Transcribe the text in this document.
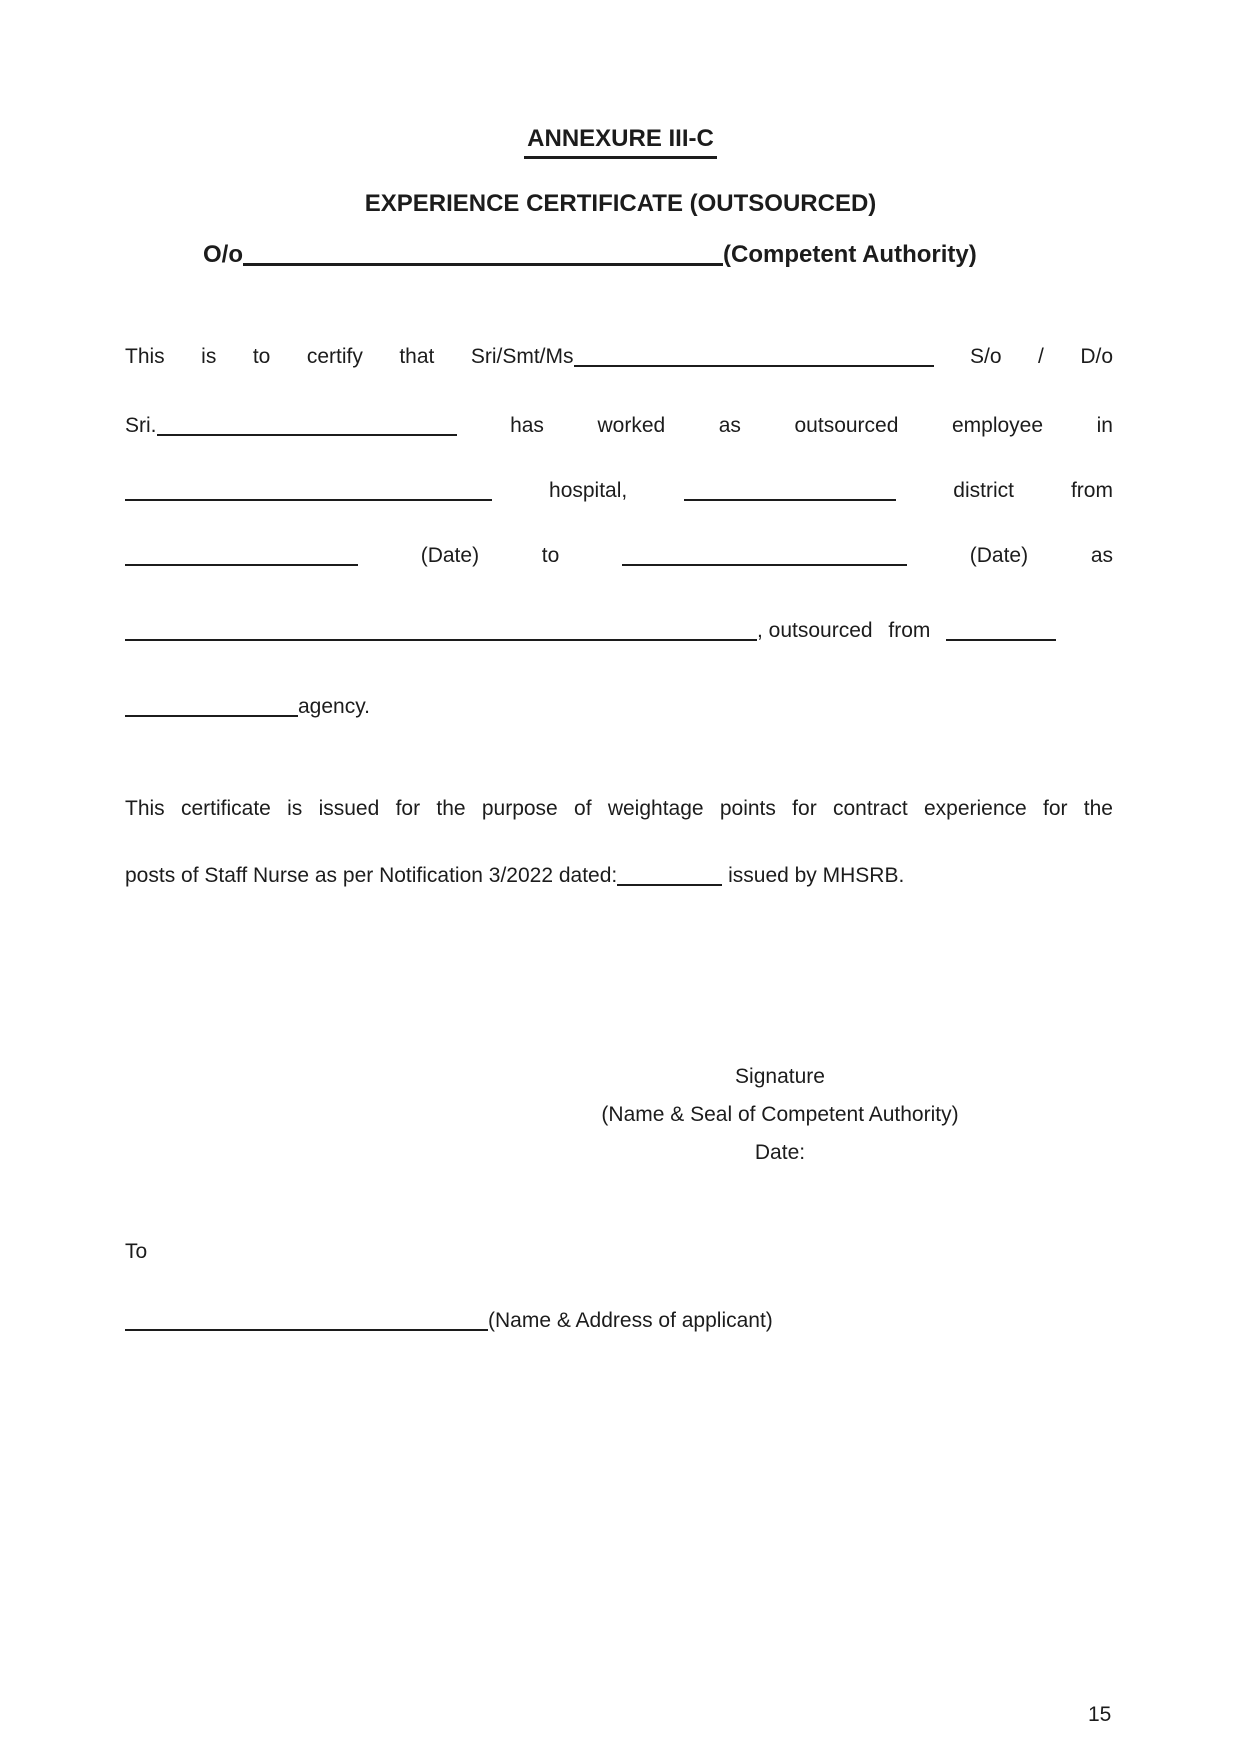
ANNEXURE III-C
EXPERIENCE CERTIFICATE (OUTSOURCED)
O/o	(Competent Authority)
This is to certify that Sri/Smt/Ms	S/o / D/o
Sri.	has	worked	as	outsourced	employee	in
hospital,	district	from
(Date)	to	(Date)	as
, outsourced from
agency.
This certificate is issued for the purpose of weightage points for contract experience for the
posts of Staff Nurse as per Notification 3/2022 dated:	issued by MHSRB.
Signature
(Name & Seal of Competent Authority)
Date:
To
(Name & Address of applicant)
15
